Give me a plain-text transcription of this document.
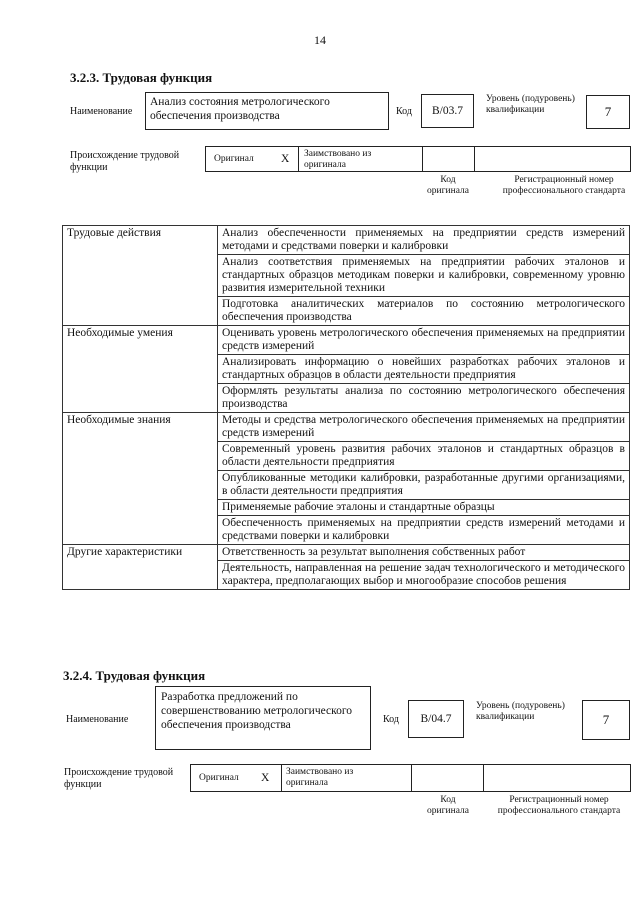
14
3.2.3. Трудовая функция
Наименование
Анализ состояния метрологического обеспечения производства	Код	B/03.7
Уровень (подуровень) квалификации	7
Происхождение трудовой функции
Оригинал X Заимствовано из оригинала
Код оригинала
Регистрационный номер профессионального стандарта
Трудовые действия	Анализ обеспеченности применяемых на предприятии средств измерений методами и средствами поверки и калибровки
	Анализ соответствия применяемых на предприятии рабочих эталонов и стандартных образцов методикам поверки и калибровки, современному уровню развития измерительной техники
	Подготовка аналитических материалов по состоянию метрологического обеспечения производства
Необходимые умения	Оценивать уровень метрологического обеспечения применяемых на предприятии средств измерений
	Анализировать информацию о новейших разработках рабочих эталонов и стандартных образцов в области деятельности предприятия
	Оформлять результаты анализа по состоянию метрологического обеспечения производства
Необходимые знания	Методы и средства метрологического обеспечения применяемых на предприятии средств измерений
	Современный уровень развития рабочих эталонов и стандартных образцов в области деятельности предприятия
	Опубликованные методики калибровки, разработанные другими организациями, в области деятельности предприятия
	Применяемые рабочие эталоны и стандартные образцы
	Обеспеченность применяемых на предприятии средств измерений методами и средствами поверки и калибровки
Другие характеристики	Ответственность за результат выполнения собственных работ
	Деятельность, направленная на решение задач технологического и методического характера, предполагающих выбор и многообразие способов решения
3.2.4. Трудовая функция
Наименование
Разработка предложений по совершенствованию метрологического обеспечения производства	Код	B/04.7
Уровень (подуровень) квалификации	7
Происхождение трудовой функции
Оригинал X Заимствовано из оригинала
Код оригинала
Регистрационный номер профессионального стандарта
